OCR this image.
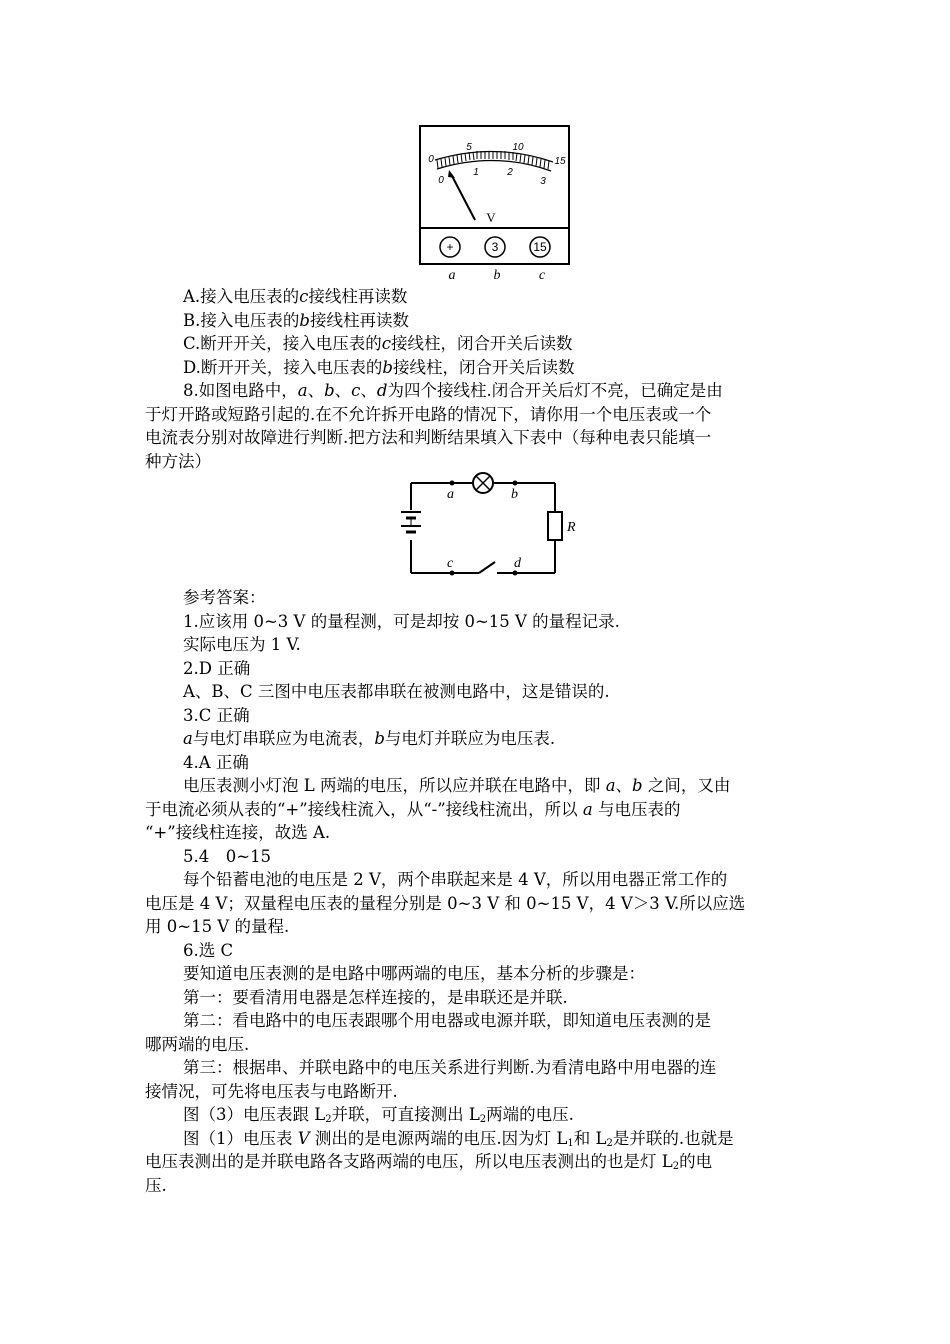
0
5	10
15
0
1	2
3
V
+	3	15
a	b	c
A.接入电压表的c接线柱再读数
B.接入电压表的b接线柱再读数
C.断开开关，接入电压表的c接线柱，闭合开关后读数
D.断开开关，接入电压表的b接线柱，闭合开关后读数
8.如图电路中，a、b、c、d为四个接线柱.闭合开关后灯不亮，已确定是由
于灯开路或短路引起的.在不允许拆开电路的情况下，请你用一个电压表或一个
电流表分别对故障进行判断.把方法和判断结果填入下表中（每种电表只能填一
种方法）
a	b
c	d
R
参考答案：
1.应该用 0~3 V 的量程测，可是却按 0~15 V 的量程记录.
实际电压为 1 V.
2.D 正确
A、B、C 三图中电压表都串联在被测电路中，这是错误的.
3.C 正确
a与电灯串联应为电流表，b与电灯并联应为电压表.
4.A 正确
电压表测小灯泡 L 两端的电压，所以应并联在电路中，即 a、b 之间，又由
于电流必须从表的“+”接线柱流入，从“-”接线柱流出，所以 a 与电压表的
“+”接线柱连接，故选 A.
5.4　0~15
每个铅蓄电池的电压是 2 V，两个串联起来是 4 V，所以用电器正常工作的
电压是 4 V；双量程电压表的量程分别是 0~3 V 和 0~15 V，4 V＞3 V.所以应选
用 0~15 V 的量程.
6.选 C
要知道电压表测的是电路中哪两端的电压，基本分析的步骤是：
第一：要看清用电器是怎样连接的，是串联还是并联.
第二：看电路中的电压表跟哪个用电器或电源并联，即知道电压表测的是
哪两端的电压.
第三：根据串、并联电路中的电压关系进行判断.为看清电路中用电器的连
接情况，可先将电压表与电路断开.
图（3）电压表跟 $L_2$并联，可直接测出 $L_2$两端的电压.
图（1）电压表 V 测出的是电源两端的电压.因为灯 $L_1$和 $L_2$是并联的.也就是
电压表测出的是并联电路各支路两端的电压，所以电压表测出的也是灯 $L_2$的电
压.
